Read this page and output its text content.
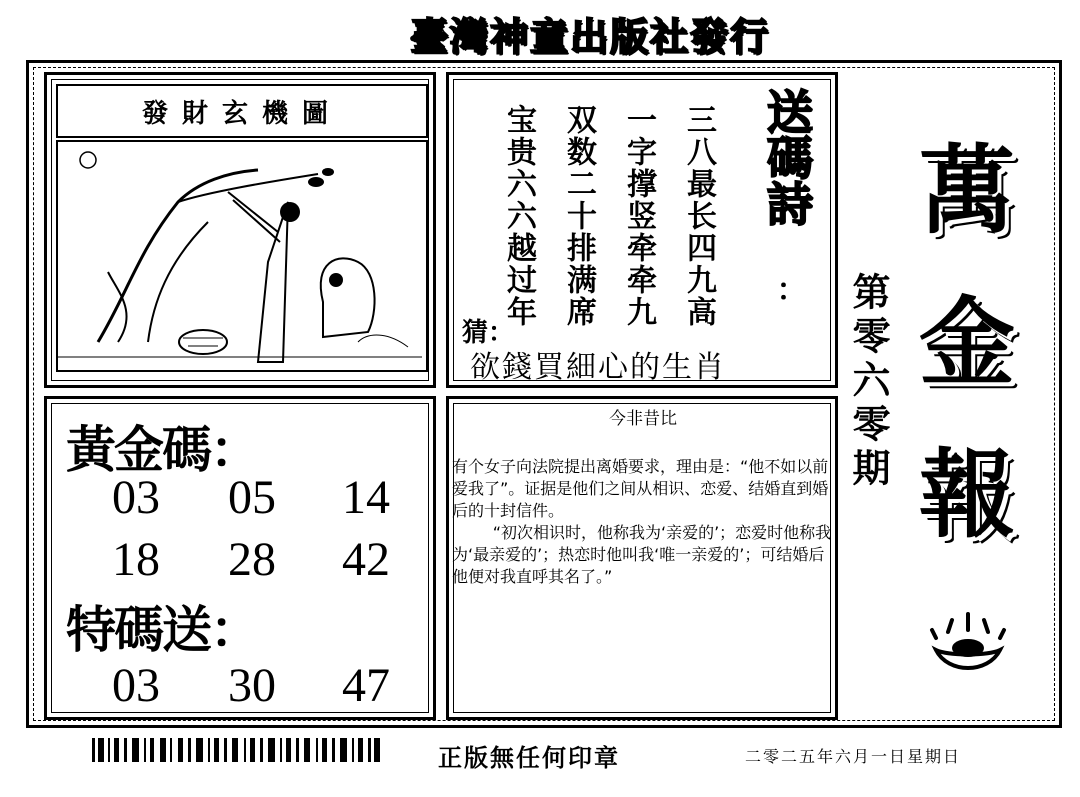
臺灣神童出版社發行
發財玄機圖	送碼詩
：
三八最长四九高
一字撑竖牵牵九
双数二十排满席
宝贵六六越过年
猜：
欲錢買細心的生肖
黃金碼：
03 05 14
18 28 42
特碼送：
03 30 47
今非昔比
有个女子向法院提出离婚要求，理由是：“他不如以前爱我了”。证据是他们之间从相识、恋爱、结婚直到婚后的十封信件。
“初次相识时，他称我为‘亲爱的’；恋爱时他称我为‘最亲爱的’；热恋时他叫我‘唯一亲爱的’；可结婚后他便对我直呼其名了。”
萬
金
報
第零六零期
正版無任何印章	二零二五年六月一日星期日
